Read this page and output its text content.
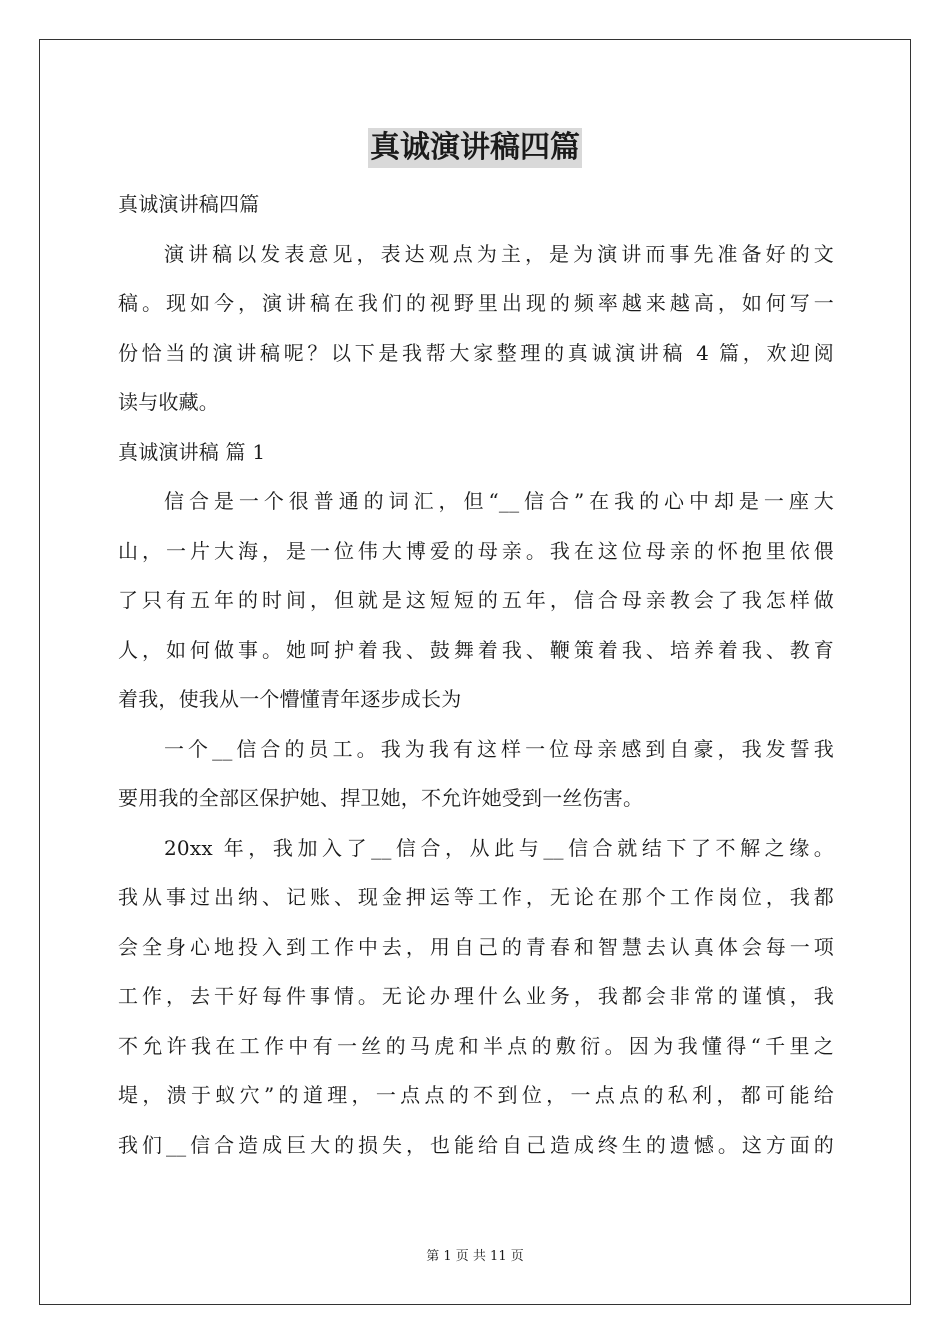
真诚演讲稿四篇
真诚演讲稿四篇
演讲稿以发表意见，表达观点为主，是为演讲而事先准备好的文
稿。现如今，演讲稿在我们的视野里出现的频率越来越高，如何写一
份恰当的演讲稿呢？以下是我帮大家整理的真诚演讲稿 4 篇，欢迎阅
读与收藏。
真诚演讲稿 篇 1
信合是一个很普通的词汇，但“__信合”在我的心中却是一座大
山，一片大海，是一位伟大博爱的母亲。我在这位母亲的怀抱里依偎
了只有五年的时间，但就是这短短的五年，信合母亲教会了我怎样做
人，如何做事。她呵护着我、鼓舞着我、鞭策着我、培养着我、教育
着我，使我从一个懵懂青年逐步成长为
一个__信合的员工。我为我有这样一位母亲感到自豪，我发誓我
要用我的全部区保护她、捍卫她，不允许她受到一丝伤害。
20xx 年，我加入了__信合，从此与__信合就结下了不解之缘。
我从事过出纳、记账、现金押运等工作，无论在那个工作岗位，我都
会全身心地投入到工作中去，用自己的青春和智慧去认真体会每一项
工作，去干好每件事情。无论办理什么业务，我都会非常的谨慎，我
不允许我在工作中有一丝的马虎和半点的敷衍。因为我懂得“千里之
堤，溃于蚁穴”的道理，一点点的不到位，一点点的私利，都可能给
我们__信合造成巨大的损失，也能给自己造成终生的遗憾。这方面的
第 1 页 共 11 页
